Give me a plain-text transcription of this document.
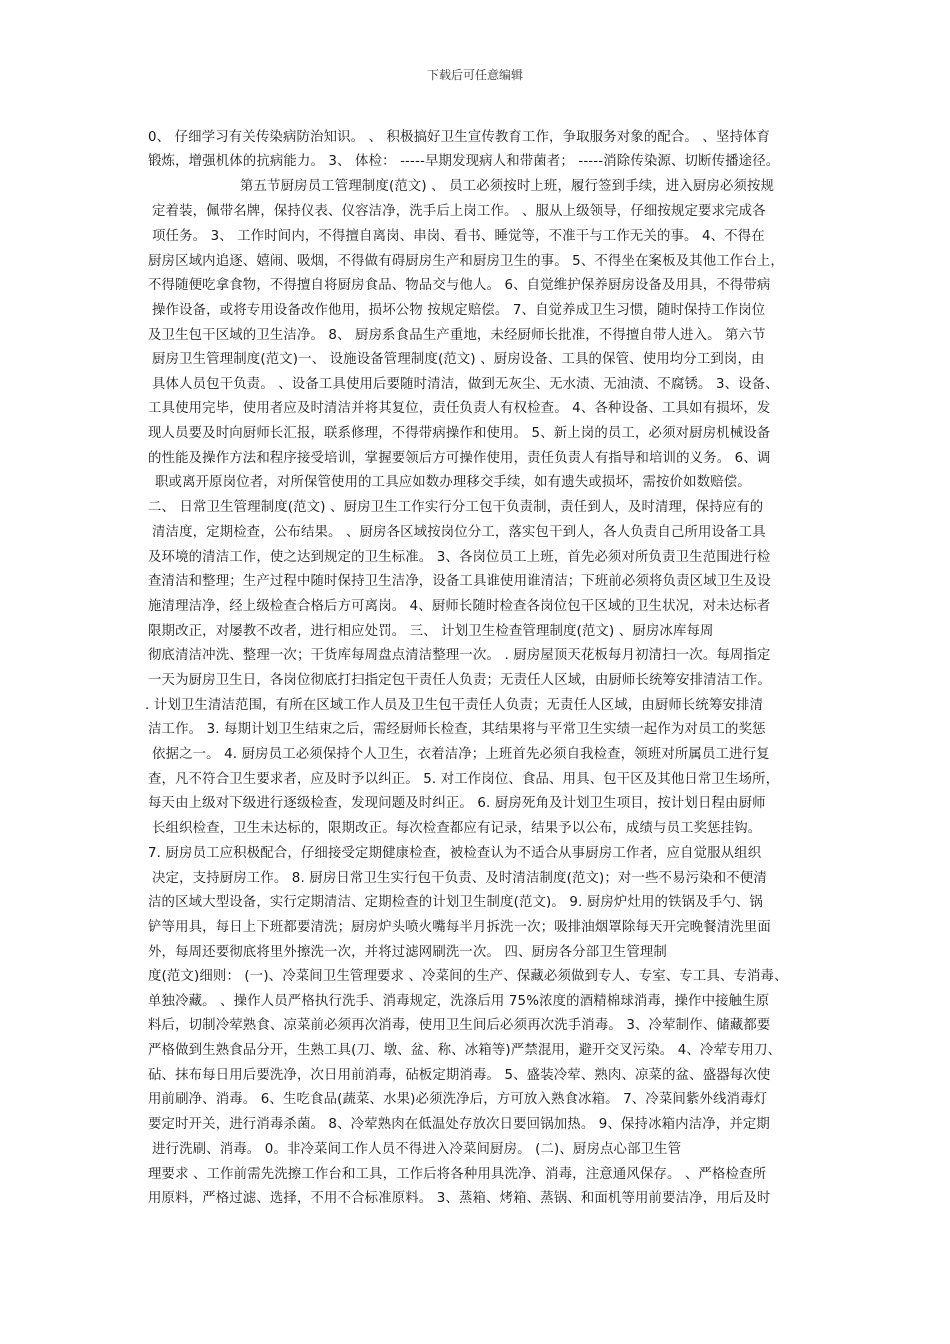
下载后可任意编辑
0、 仔细学习有关传染病防治知识。 、 积极搞好卫生宣传教育工作，争取服务对象的配合。 、坚持体育
锻炼，增强机体的抗病能力。 3、 体检： -----早期发现病人和带菌者； -----消除传染源、切断传播途径。
第五节厨房员工管理制度(范文) 、 员工必须按时上班，履行签到手续，进入厨房必须按规
定着装，佩带名牌，保持仪表、仪容洁净，洗手后上岗工作。 、服从上级领导，仔细按规定要求完成各
项任务。 3、 工作时间内，不得擅自离岗、串岗、看书、睡觉等，不准干与工作无关的事。 4、不得在
厨房区域内追逐、嬉闹、吸烟，不得做有碍厨房生产和厨房卫生的事。 5、不得坐在案板及其他工作台上，
不得随便吃拿食物，不得擅自将厨房食品、物品交与他人。 6、自觉维护保养厨房设备及用具，不得带病
操作设备，或将专用设备改作他用，损坏公物 按规定赔偿。 7、自觉养成卫生习惯，随时保持工作岗位
及卫生包干区域的卫生洁净。 8、 厨房系食品生产重地，未经厨师长批准，不得擅自带人进入。 第六节
厨房卫生管理制度(范文)一、 设施设备管理制度(范文) 、厨房设备、工具的保管、使用均分工到岗，由
具体人员包干负责。 、设备工具使用后要随时清洁，做到无灰尘、无水渍、无油渍、不腐锈。 3、设备、
工具使用完毕，使用者应及时清洁并将其复位，责任负责人有权检查。 4、各种设备、工具如有损坏，发
现人员要及时向厨师长汇报，联系修理，不得带病操作和使用。 5、新上岗的员工，必须对厨房机械设备
的性能及操作方法和程序接受培训，掌握要领后方可操作使用，责任负责人有指导和培训的义务。 6、调
职或离开原岗位者，对所保管使用的工具应如数办理移交手续，如有遗失或损坏，需按价如数赔偿。
二、 日常卫生管理制度(范文) 、厨房卫生工作实行分工包干负责制，责任到人，及时清理，保持应有的
清洁度，定期检查，公布结果。 、厨房各区域按岗位分工，落实包干到人，各人负责自己所用设备工具
及环境的清洁工作，使之达到规定的卫生标准。 3、各岗位员工上班，首先必须对所负责卫生范围进行检
查清洁和整理；生产过程中随时保持卫生洁净，设备工具谁使用谁清洁；下班前必须将负责区域卫生及设
施清理洁净，经上级检查合格后方可离岗。 4、厨师长随时检查各岗位包干区域的卫生状况，对未达标者
限期改正，对屡教不改者，进行相应处罚。 三、 计划卫生检查管理制度(范文) 、厨房冰库每周
彻底清洁冲洗、整理一次；干货库每周盘点清洁整理一次。 . 厨房屋顶天花板每月初清扫一次。每周指定
一天为厨房卫生日，各岗位彻底打扫指定包干责任人负责；无责任人区域，由厨师长统筹安排清洁工作。
. 计划卫生清洁范围，有所在区域工作人员及卫生包干责任人负责；无责任人区域，由厨师长统筹安排清
洁工作。 3. 每期计划卫生结束之后，需经厨师长检查，其结果将与平常卫生实绩一起作为对员工的奖惩
依据之一。 4. 厨房员工必须保持个人卫生，衣着洁净；上班首先必须自我检查，领班对所属员工进行复
查，凡不符合卫生要求者，应及时予以纠正。 5. 对工作岗位、食品、用具、包干区及其他日常卫生场所，
每天由上级对下级进行逐级检查，发现问题及时纠正。 6. 厨房死角及计划卫生项目，按计划日程由厨师
长组织检查，卫生未达标的，限期改正。每次检查都应有记录，结果予以公布，成绩与员工奖惩挂钩。
7. 厨房员工应积极配合，仔细接受定期健康检查，被检查认为不适合从事厨房工作者，应自觉服从组织
决定，支持厨房工作。 8. 厨房日常卫生实行包干负责、及时清洁制度(范文)；对一些不易污染和不便清
洁的区域大型设备，实行定期清洁、定期检查的计划卫生制度(范文)。 9. 厨房炉灶用的铁锅及手勺、锅
铲等用具，每日上下班都要清洗；厨房炉头喷火嘴每半月拆洗一次；吸排油烟罩除每天开完晚餐清洗里面
外，每周还要彻底将里外擦洗一次，并将过滤网刷洗一次。 四、厨房各分部卫生管理制
度(范文)细则： (一)、冷菜间卫生管理要求 、冷菜间的生产、保藏必须做到专人、专室、专工具、专消毒、
单独冷藏。 、操作人员严格执行洗手、消毒规定，洗涤后用 75%浓度的酒精棉球消毒，操作中接触生原
料后，切制冷荤熟食、凉菜前必须再次消毒，使用卫生间后必须再次洗手消毒。 3、冷荤制作、储藏都要
严格做到生熟食品分开，生熟工具(刀、墩、盆、称、冰箱等)严禁混用，避开交叉污染。 4、冷荤专用刀、
砧、抹布每日用后要洗净，次日用前消毒，砧板定期消毒。 5、盛装冷荤、熟肉、凉菜的盆、盛器每次使
用前刷净、消毒。 6、生吃食品(蔬菜、水果)必须洗净后，方可放入熟食冰箱。 7、冷菜间紫外线消毒灯
要定时开关，进行消毒杀菌。 8、冷荤熟肉在低温处存放次日要回锅加热。 9、保持冰箱内洁净，并定期
进行洗刷、消毒。 0。非冷菜间工作人员不得进入冷菜间厨房。 (二)、厨房点心部卫生管
理要求 、工作前需先洗擦工作台和工具，工作后将各种用具洗净、消毒，注意通风保存。 、严格检查所
用原料，严格过滤、选择，不用不合标准原料。 3、蒸箱、烤箱、蒸锅、和面机等用前要洁净，用后及时
